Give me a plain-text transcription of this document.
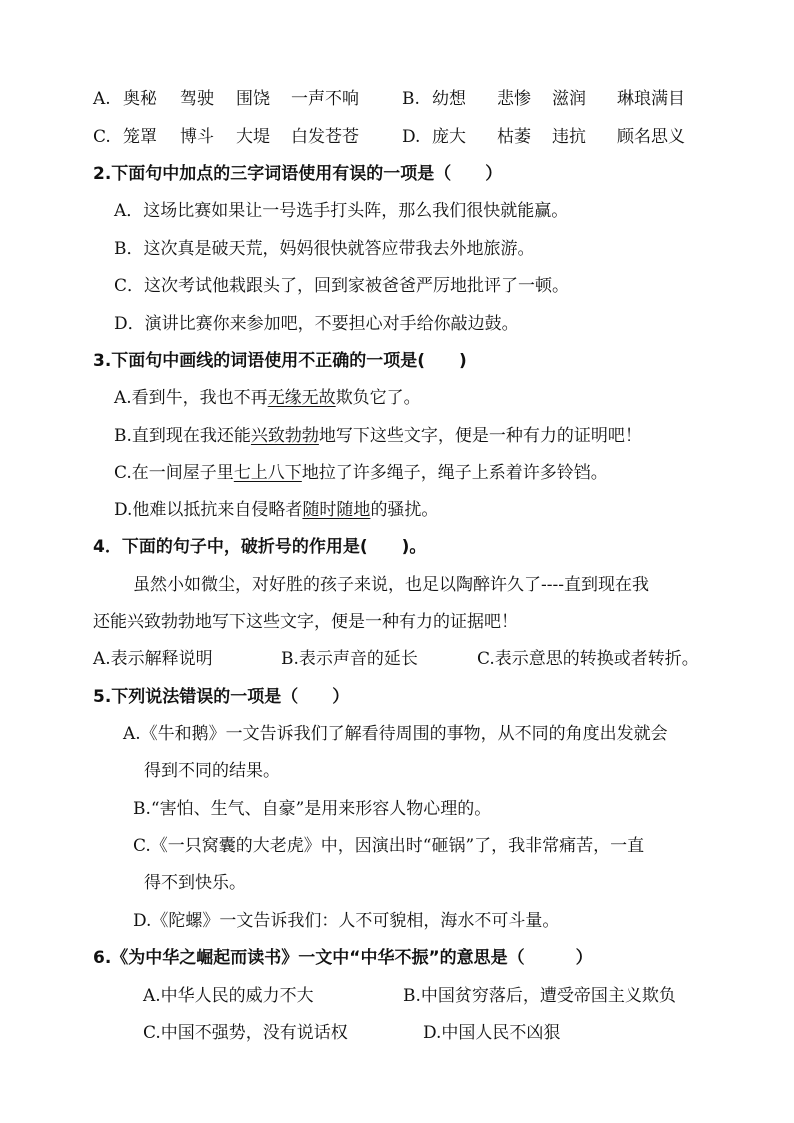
A. 奥秘 驾驶 围饶 一声不响	B. 幼想 悲惨 滋润 琳琅满目
C. 笼罩 博斗 大堤 白发苍苍	D. 庞大 枯萎 违抗 顾名思义
2.下面句中加点的三字词语使用有误的一项是（　　）
A．这场比赛如果让一号选手打头阵，那么我们很快就能赢。
B．这次真是破天荒，妈妈很快就答应带我去外地旅游。
C．这次考试他栽跟头了，回到家被爸爸严厉地批评了一顿。
D．演讲比赛你来参加吧，不要担心对手给你敲边鼓。
3.下面句中画线的词语使用不正确的一项是(　　)
A.看到牛，我也不再无缘无故欺负它了。
B.直到现在我还能兴致勃勃地写下这些文字，便是一种有力的证明吧！
C.在一间屋子里七上八下地拉了许多绳子，绳子上系着许多铃铛。
D.他难以抵抗来自侵略者随时随地的骚扰。
4．下面的句子中，破折号的作用是(　　)。
虽然小如微尘，对好胜的孩子来说，也足以陶醉许久了----直到现在我
还能兴致勃勃地写下这些文字，便是一种有力的证据吧！
A.表示解释说明	B.表示声音的延长	C.表示意思的转换或者转折。
5.下列说法错误的一项是（　　）
A.《牛和鹅》一文告诉我们了解看待周围的事物，从不同的角度出发就会
得到不同的结果。
B.“害怕、生气、自豪”是用来形容人物心理的。
C.《一只窝囊的大老虎》中，因演出时“砸锅”了，我非常痛苦，一直
得不到快乐。
D.《陀螺》一文告诉我们：人不可貌相，海水不可斗量。
6.《为中华之崛起而读书》一文中“中华不振”的意思是（　　　）
A.中华人民的威力不大	B.中国贫穷落后，遭受帝国主义欺负
C.中国不强势，没有说话权	D.中国人民不凶狠
